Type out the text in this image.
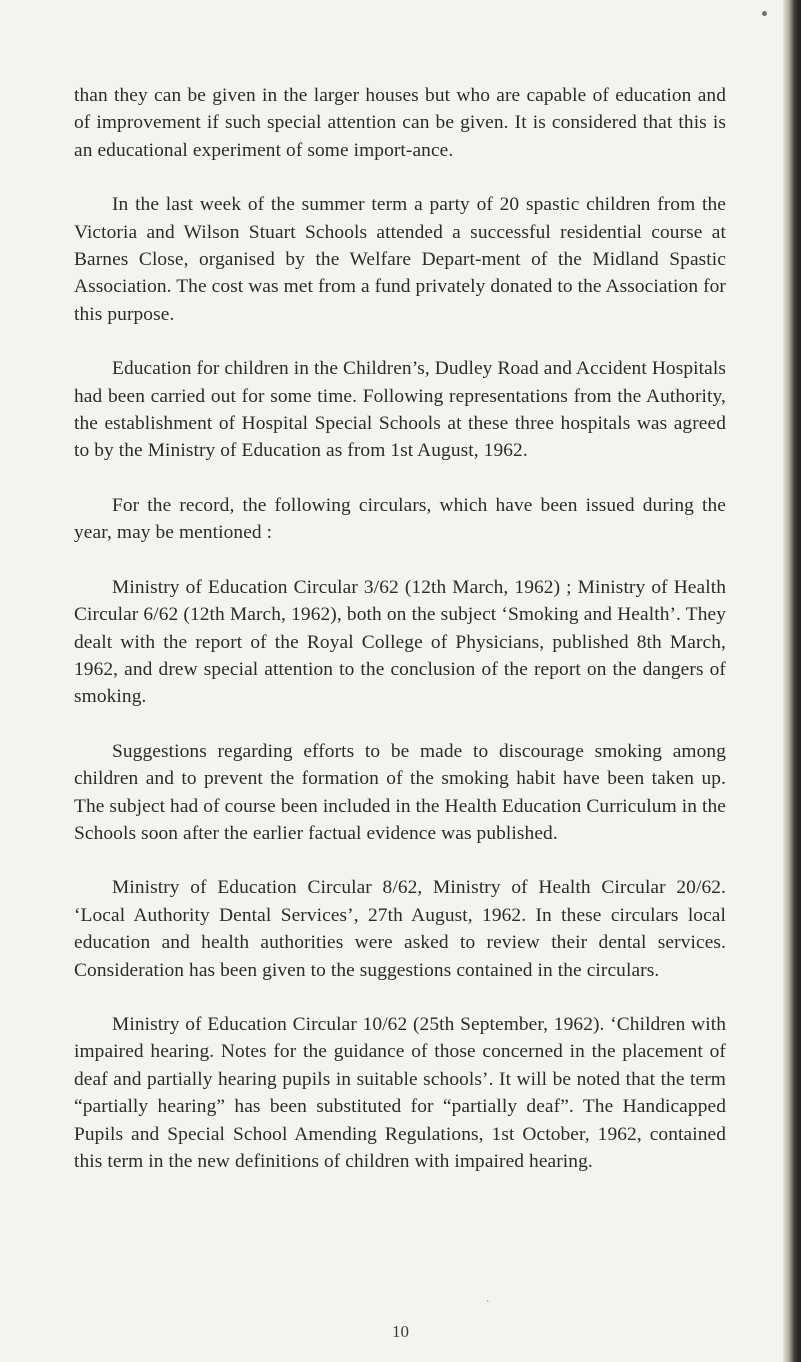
than they can be given in the larger houses but who are capable of education and of improvement if such special attention can be given. It is considered that this is an educational experiment of some import-ance.

In the last week of the summer term a party of 20 spastic children from the Victoria and Wilson Stuart Schools attended a successful residential course at Barnes Close, organised by the Welfare Depart-ment of the Midland Spastic Association. The cost was met from a fund privately donated to the Association for this purpose.

Education for children in the Children’s, Dudley Road and Accident Hospitals had been carried out for some time. Following representations from the Authority, the establishment of Hospital Special Schools at these three hospitals was agreed to by the Ministry of Education as from 1st August, 1962.

For the record, the following circulars, which have been issued during the year, may be mentioned :

Ministry of Education Circular 3/62 (12th March, 1962) ; Ministry of Health Circular 6/62 (12th March, 1962), both on the subject ‘Smoking and Health’. They dealt with the report of the Royal College of Physicians, published 8th March, 1962, and drew special attention to the conclusion of the report on the dangers of smoking.

Suggestions regarding efforts to be made to discourage smoking among children and to prevent the formation of the smoking habit have been taken up. The subject had of course been included in the Health Education Curriculum in the Schools soon after the earlier factual evidence was published.

Ministry of Education Circular 8/62, Ministry of Health Circular 20/62. ‘Local Authority Dental Services’, 27th August, 1962. In these circulars local education and health authorities were asked to review their dental services. Consideration has been given to the suggestions contained in the circulars.

Ministry of Education Circular 10/62 (25th September, 1962). ‘Children with impaired hearing. Notes for the guidance of those concerned in the placement of deaf and partially hearing pupils in suitable schools’. It will be noted that the term “partially hearing” has been substituted for “partially deaf”. The Handicapped Pupils and Special School Amending Regulations, 1st October, 1962, contained this term in the new definitions of children with impaired hearing.

ˋ
10
